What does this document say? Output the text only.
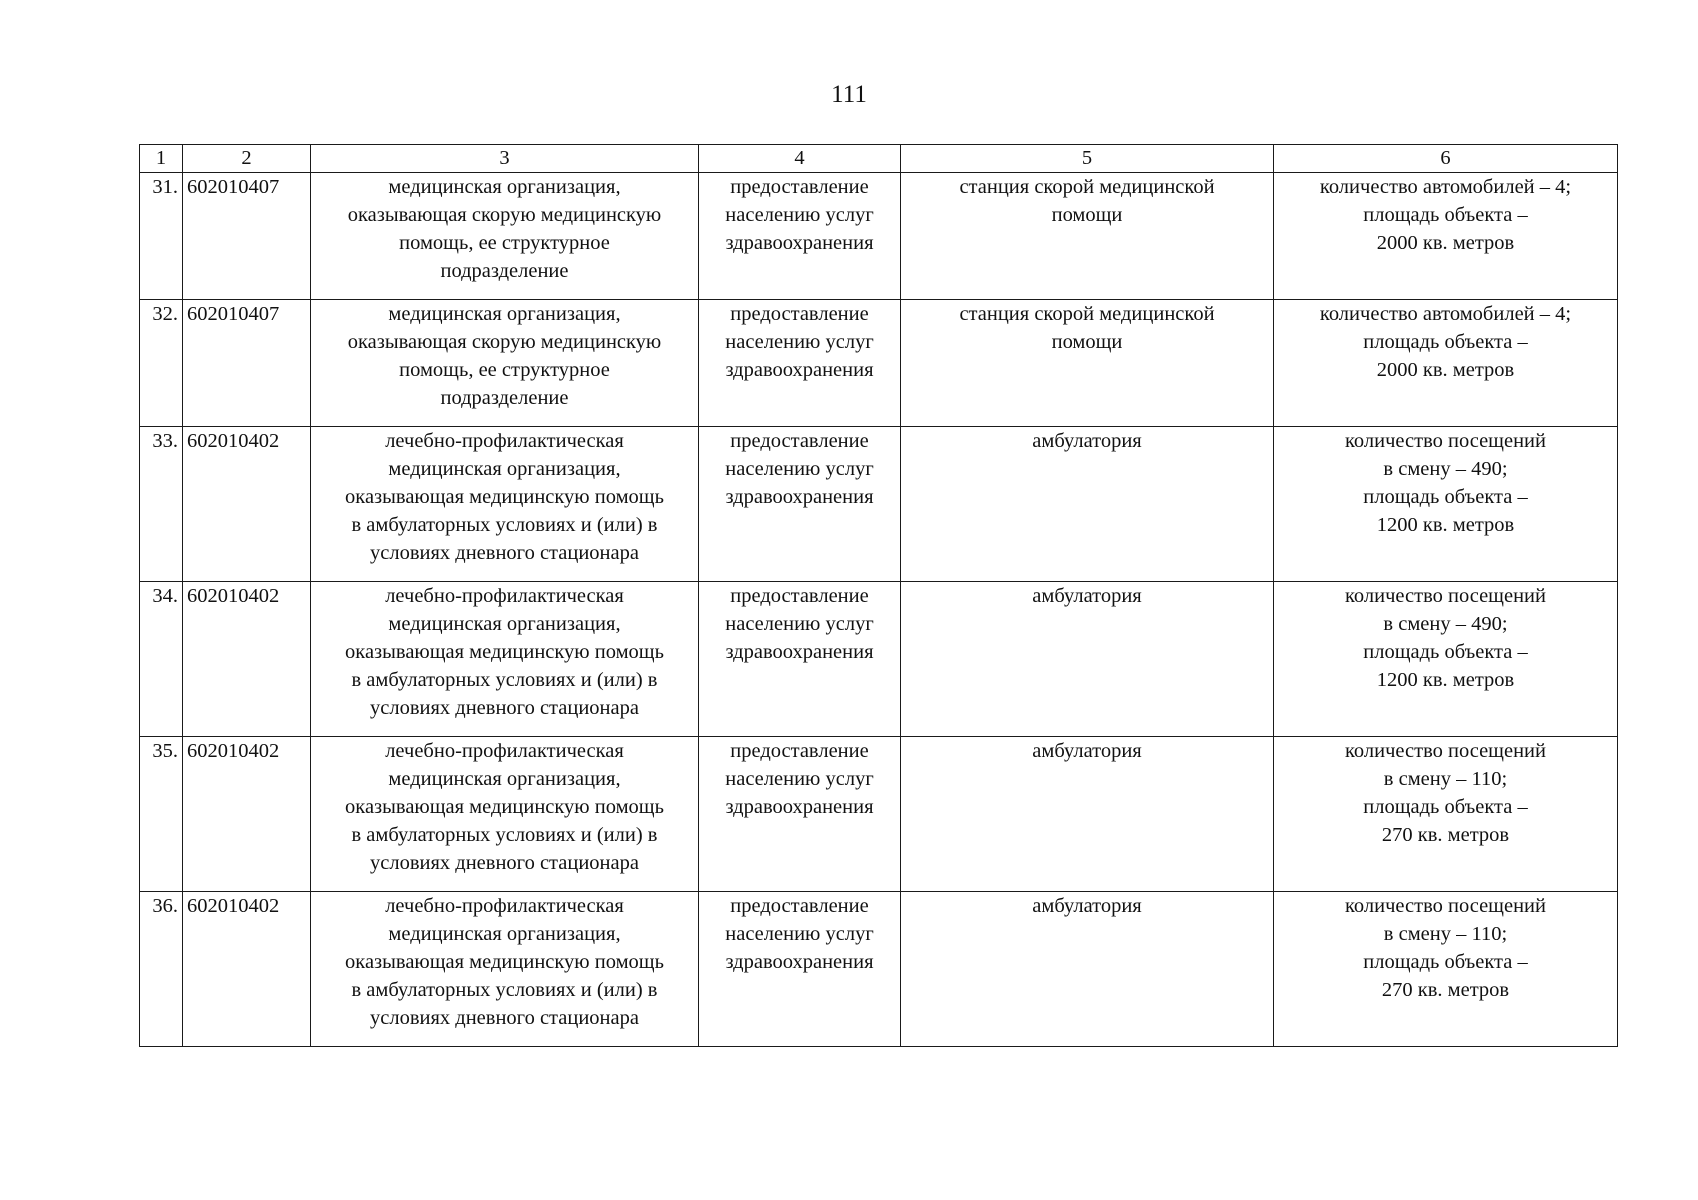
111
1	2	3	4	5	6
31.	602010407	медицинская организация,
оказывающая скорую медицинскую
помощь, ее структурное
подразделение	предоставление
населению услуг
здравоохранения	станция скорой медицинской
помощи	количество автомобилей – 4;
площадь объекта –
2000 кв. метров

32.	602010407	медицинская организация,
оказывающая скорую медицинскую
помощь, ее структурное
подразделение	предоставление
населению услуг
здравоохранения	станция скорой медицинской
помощи	количество автомобилей – 4;
площадь объекта –
2000 кв. метров

33.	602010402	лечебно-профилактическая
медицинская организация,
оказывающая медицинскую помощь
в амбулаторных условиях и (или) в
условиях дневного стационара	предоставление
населению услуг
здравоохранения	амбулатория	количество посещений
в смену – 490;
площадь объекта –
1200 кв. метров

34.	602010402	лечебно-профилактическая
медицинская организация,
оказывающая медицинскую помощь
в амбулаторных условиях и (или) в
условиях дневного стационара	предоставление
населению услуг
здравоохранения	амбулатория	количество посещений
в смену – 490;
площадь объекта –
1200 кв. метров

35.	602010402	лечебно-профилактическая
медицинская организация,
оказывающая медицинскую помощь
в амбулаторных условиях и (или) в
условиях дневного стационара	предоставление
населению услуг
здравоохранения	амбулатория	количество посещений
в смену – 110;
площадь объекта –
270 кв. метров

36.	602010402	лечебно-профилактическая
медицинская организация,
оказывающая медицинскую помощь
в амбулаторных условиях и (или) в
условиях дневного стационара	предоставление
населению услуг
здравоохранения	амбулатория	количество посещений
в смену – 110;
площадь объекта –
270 кв. метров
